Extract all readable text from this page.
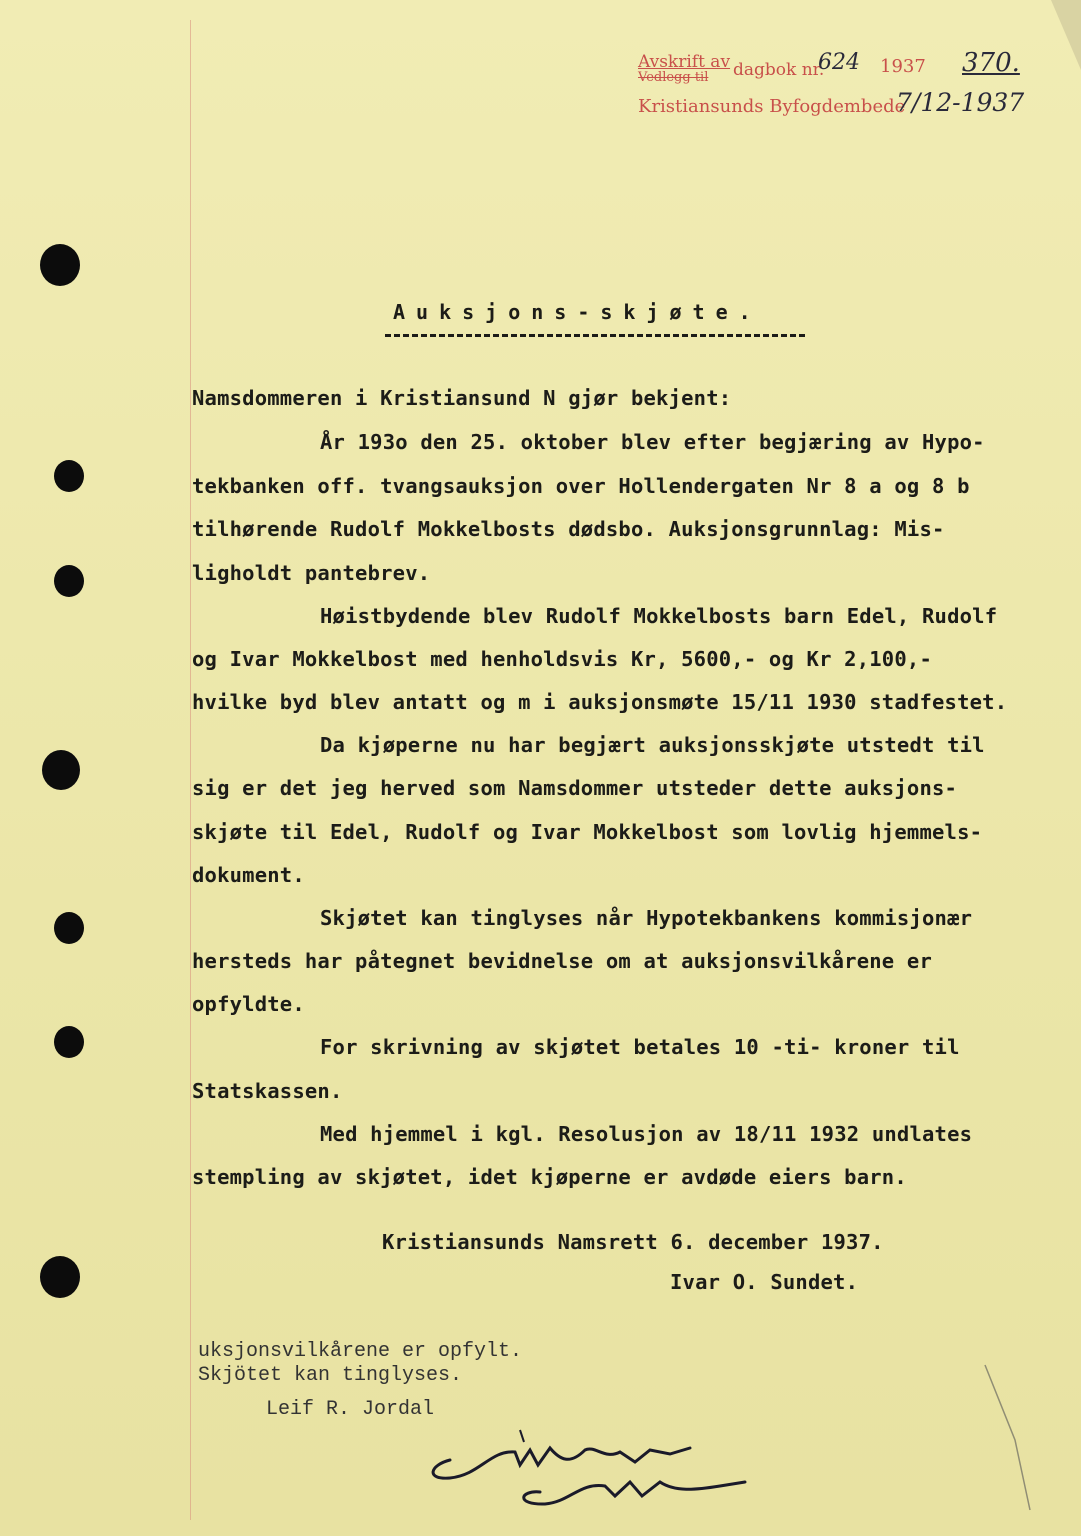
Avskrift av
Vedlegg til dagbok nr.
624 1937 370.
Kristiansunds Byfogdembede
7/12-1937
Auksjons-skjøte.
Namsdommeren i Kristiansund N gjør bekjent:
År 193o den 25. oktober blev efter begjæring av Hypo-
tekbanken off. tvangsauksjon over Hollendergaten Nr 8 a og 8 b
tilhørende Rudolf Mokkelbosts dødsbo. Auksjonsgrunnlag: Mis-
ligholdt pantebrev.
Høistbydende blev Rudolf Mokkelbosts barn Edel, Rudolf
og Ivar Mokkelbost med henholdsvis Kr, 5600,- og Kr 2,100,-
hvilke byd blev antatt og m i auksjonsmøte 15/11 1930 stadfestet.
Da kjøperne nu har begjært auksjonsskjøte utstedt til
sig er det jeg herved som Namsdommer utsteder dette auksjons-
skjøte til Edel, Rudolf og Ivar Mokkelbost som lovlig hjemmels-
dokument.
Skjøtet kan tinglyses når Hypotekbankens kommisjonær
hersteds har påtegnet bevidnelse om at auksjonsvilkårene er
opfyldte.
For skrivning av skjøtet betales 10 -ti- kroner til
Statskassen.
Med hjemmel i kgl. Resolusjon av 18/11 1932 undlates
stempling av skjøtet, idet kjøperne er avdøde eiers barn.
Kristiansunds Namsrett 6. december 1937.
Ivar O. Sundet.
uksjonsvilkårene er opfylt.
Skjötet kan tinglyses.
Leif R. Jordal
